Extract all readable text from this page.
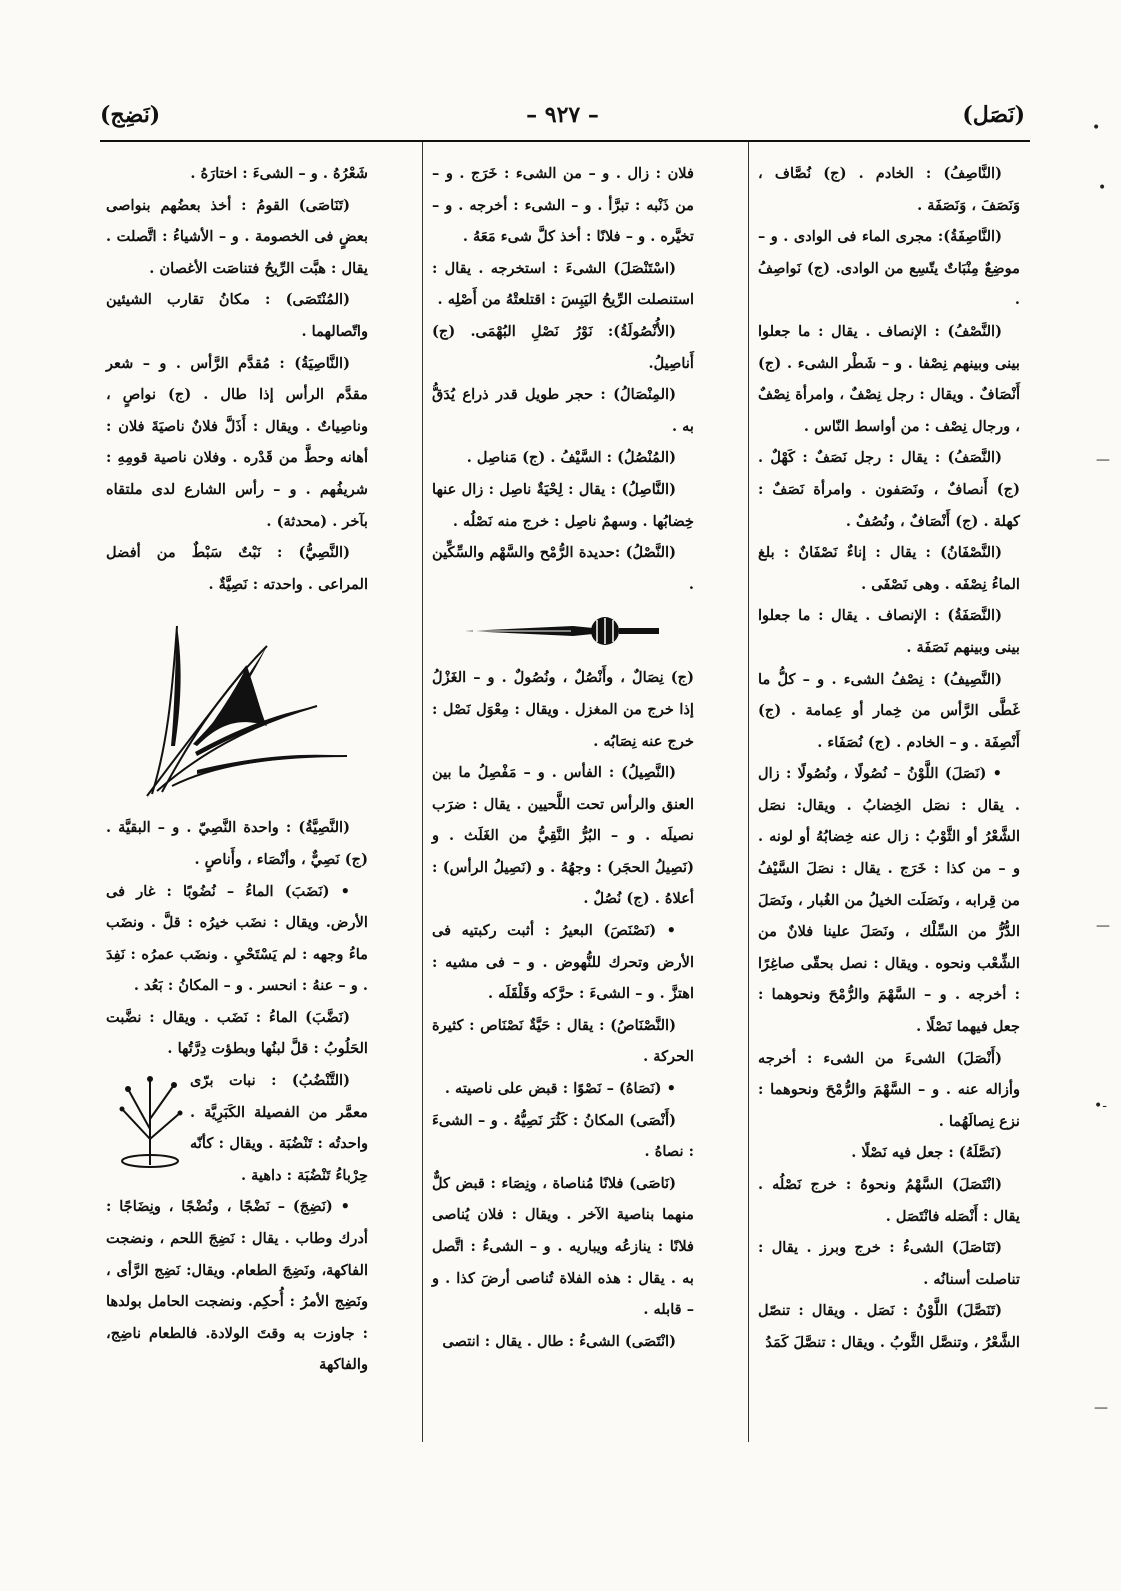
(نَصَل)
– ٩٢٧ –
(نَضِج)	•
•
—
—
-•
—

(النَّاصِفُ) : الخادم . (ج) نُصَّاف ، وَنَصَفَ ، وَنَصَفَة .

(النَّاصِفَةُ): مجرى الماء فى الوادى . و – موضِعٌ مِنْبَاتٌ يتّسِع من الوادى. (ج) نَواصِفُ .

(النَّصْفُ) : الإنصاف . يقال : ما جعلوا بينى وبينهم نِصْفا . و – شَطْر الشىء . (ج) أَنْصَافٌ . ويقال : رجل نِصْفٌ ، وامرأة نِصْفٌ ، ورجال نِصْف : من أواسط النّاس .

(النَّصَفُ) : يقال : رجل نَصَفٌ : كَهْلٌ . (ج) أَنصافٌ ، ونَصَفون . وامرأة نَصَفٌ : كهلة . (ج) أَنْصَافٌ ، ونُصُفٌ .

(النَّصْفَانُ) : يقال : إناءٌ نَصْفَانٌ : بلغ الماءُ نِصْفَه . وهى نَصْفَى .

(النَّصَفَةُ) : الإنصاف . يقال : ما جعلوا بينى وبينهم نَصَفَة .

(النَّصِيفُ) : نِصْفُ الشىء . و – كلُّ ما غَطَّى الرَّأس من خِمار أو عِمامة . (ج) أَنْصِفَة . و – الخادم . (ج) نُصَفَاء .

• (نَصَلَ) اللَّوْنُ – نُصُولًا ، ونُصُولًا : زال . يقال : نصَل الخِضابُ . ويقال: نصَل الشَّعْرُ أو الثَّوْبُ : زال عنه خِضابُهُ أو لونه . و – من كذا : خَرَج . يقال : نصَلَ السَّيْفُ من قِرابه ، ونَصَلَت الخيلُ من الغُبار ، ونَصَلَ الدُّرُّ من السِّلْك ، ونَصَلَ علينا فلانٌ من الشِّعْب ونحوه . ويقال : نصل بحقّى صاغِرًا : أخرجه . و – السَّهْمَ والرُّمْحَ ونحوهما : جعل فيهما نَصْلًا .

(أَنْصَلَ) الشىءَ من الشىء : أخرجه وأزاله عنه . و – السَّهْمَ والرُّمْحَ ونحوهما : نزع نِصالَهُما .

(نَصَّلَهُ) : جعل فيه نَصْلًا .

(انْتَصَلَ) السَّهْمُ ونحوهُ : خرج نَصْلُه . يقال : أَنْصَله فانْتَصَل .

(تَنَاصَلَ) الشىءُ : خرج وبرز . يقال : تناصلت أسنانُه .

(تَنَصَّلَ) اللَّوْنُ : نَصَل . ويقال : تنصّل الشَّعْرُ ، وتنصَّل الثَّوبُ . ويقال : تنصَّلَ كَمَدُ

فلان : زال . و – من الشىء : خَرَج . و – من ذَنْبه : تبرَّأ . و – الشىء : أخرجه . و – تخيَّره . و – فلانًا : أخذ كلَّ شىء مَعَهُ .

(اسْتَنْصَلَ) الشىءَ : استخرجه . يقال : استنصلت الرِّيحُ اليَبِسَ : اقتلعتْهُ من أَصْلِه .

(الأُنْصُولَةُ): نَوْرُ نَصْلِ البُهْمَى. (ج) أَناصِيلُ.

(المِنْصَالُ) : حجر طويل قدر ذراع يُدَقُّ به .

(المُنْصُلُ) : السَّيْفُ . (ج) مَناصِل .

(النَّاصِلُ) : يقال : لِحْيَةٌ ناصِل : زال عنها خِضابُها . وسهمٌ ناصِل : خرج منه نَصْلُه .

(النَّصْلُ) :حديدة الرُّمْح والسَّهْم والسِّكِّين .

(ج) نِصَالٌ ، وأَنْصُلٌ ، ونُصُولٌ . و – الغَزْلُ إذا خرج من المغزل . ويقال : مِعْوَل نَصْل : خرج عنه نِصَابُه .

(النَّصِيلُ) : الفأس . و – مَفْصِلُ ما بين العنق والرأس تحت اللَّحيين . يقال : ضرَب نصيلَه . و – البُرُّ النَّقِيُّ من الغَلَث . و (نَصِيلُ الحجَر) : وجهُهُ . و (نَصِيلُ الرأس) : أعلاهُ . (ج) نُصُلٌ .

• (نَصْنَصَ) البعيرُ : أثبت ركبتيه فى الأرض وتحرك للنُّهوض . و – فى مشيه : اهتزَّ . و – الشىءَ : حرَّكه وقَلْقَلَه .

(النَّصْنَاصُ) : يقال : حَيَّةٌ نَصْنَاص : كثيرة الحركة .

• (نَصَاهُ) – نَصْوًا : قبض على ناصيته .

(أَنْصَى) المكانُ : كَثُرَ نَصِيُّهُ . و – الشىءَ : نصاهُ .

(نَاصَى) فلانًا مُناصاة ، ونِصَاء : قبض كلٌّ منهما بناصية الآخر . ويقال : فلان يُناصى فلانًا : ينازعُه ويباريه . و – الشىءُ : اتَّصل به . يقال : هذه الفلاة تُناصى أرضَ كذا . و – قابله .

(انْتَصَى) الشىءُ : طال . يقال : انتصى

شَعْرُهُ . و – الشىءَ : اختارَهُ .

(تَنَاصَى) القومُ : أخذ بعضُهم بنواصى بعضٍ فى الخصومة . و – الأشياءُ : اتَّصلت . يقال : هبَّت الرِّيحُ فتناصَت الأغصان .

(المُنْتَصَى) : مكانُ تقارب الشيئين واتّصالهما .

(النَّاصِيَةُ) : مُقدَّم الرَّأس . و – شعر مقدَّم الرأس إذا طال . (ج) نواصٍ ، وناصِياتٌ . ويقال : أَذَلَّ فلانٌ ناصيَةَ فلان : أهانه وحطَّ من قَدْره . وفلان ناصية قومِهِ : شريفُهم . و – رأس الشارع لدى ملتقاه بآخر . (محدثة) .

(النَّصِيُّ) : نَبْتٌ سَبْطٌ من أفضل المراعى . واحدته : نَصِيَّةٌ .

(النَّصِيَّةُ) : واحدة النَّصِيّ . و – البقيَّة . (ج) نَصِيٌّ ، وأنْصَاء ، وأَناصٍ .

• (نَضَبَ) الماءُ – نُضُوبًا : غار فى الأرض. ويقال : نضَب خيرُه : قلَّ . ونضَب ماءُ وجهه : لم يَسْتَحْيِ . ونضَب عمرُه : نَفِدَ . و – عنهُ : انحسر . و – المكانُ : بَعُد .

(نَضَّبَ) الماءُ : نَضَب . ويقال : نضَّبت الحَلُوبُ : قلَّ لبنُها وبطؤت دِرَّتُها .

(التَّنْضُبُ) : نبات برّى معمَّر من الفصيلة الكَبَرِيَّة . واحدتُه : تَنْضُبَة . ويقال : كأنّه حِرْباءُ تَنْضُبَة : داهية .

• (نَضِجَ) – نَضْجًا ، ونُضْجًا ، ونِضَاجًا : أدرك وطاب . يقال : نَضِجَ اللحم ، ونضجت الفاكهة، ونَضِجَ الطعام. ويقال: نَضِج الرَّأى ، ونَضِج الأمرُ : أُحكِم. ونضجت الحامل بولدها : جاوزت به وقتَ الولادة. فالطعام ناضِج، والفاكهة
